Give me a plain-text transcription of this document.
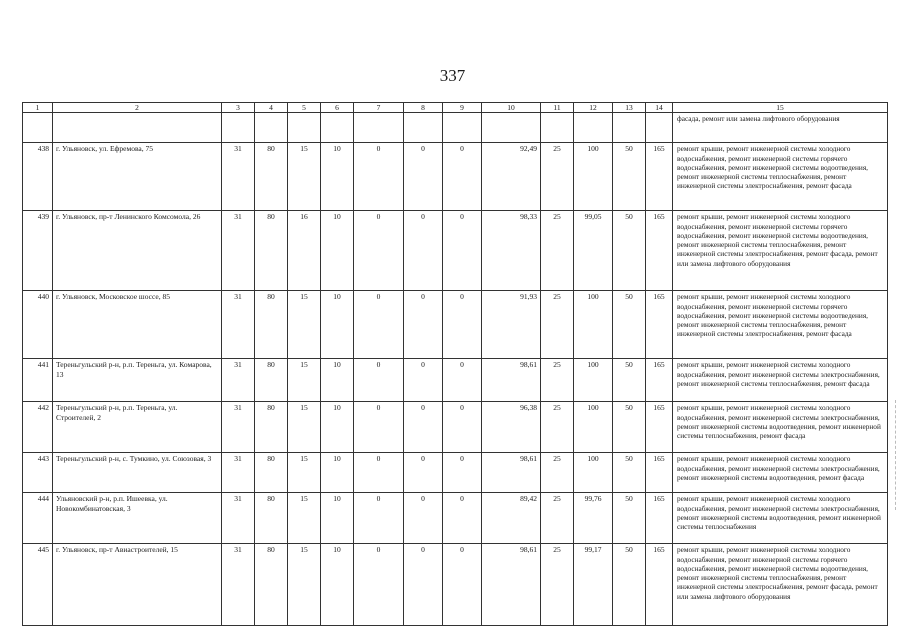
337
1	2	3	4	5	6	7	8	9	10	11	12	13	14	15
														фасада, ремонт или замена лифтового оборудования
438	г. Ульяновск, ул. Ефремова, 75	31	80	15	10	0	0	0	92,49	25	100	50	165	ремонт крыши, ремонт инженерной системы холодного водоснабжения, ремонт инженерной системы горячего водоснабжения, ремонт инженерной системы водоотведения, ремонт инженерной системы теплоснабжения, ремонт инженерной системы электроснабжения, ремонт фасада
439	г. Ульяновск, пр-т Ленинского Комсомола, 26	31	80	16	10	0	0	0	98,33	25	99,05	50	165	ремонт крыши, ремонт инженерной системы холодного водоснабжения, ремонт инженерной системы горячего водоснабжения, ремонт инженерной системы водоотведения, ремонт инженерной системы теплоснабжения, ремонт инженерной системы электроснабжения, ремонт фасада, ремонт или замена лифтового оборудования
440	г. Ульяновск, Московское шоссе, 85	31	80	15	10	0	0	0	91,93	25	100	50	165	ремонт крыши, ремонт инженерной системы холодного водоснабжения, ремонт инженерной системы горячего водоснабжения, ремонт инженерной системы водоотведения, ремонт инженерной системы теплоснабжения, ремонт инженерной системы электроснабжения, ремонт фасада
441	Тереньгульский р-н, р.п. Тереньга, ул. Комарова, 13	31	80	15	10	0	0	0	98,61	25	100	50	165	ремонт крыши, ремонт инженерной системы холодного водоснабжения, ремонт инженерной системы электроснабжения, ремонт инженерной системы теплоснабжения, ремонт фасада
442	Тереньгульский р-н, р.п. Тереньга, ул. Строителей, 2	31	80	15	10	0	0	0	96,38	25	100	50	165	ремонт крыши, ремонт инженерной системы холодного водоснабжения, ремонт инженерной системы электроснабжения, ремонт инженерной системы водоотведения, ремонт инженерной системы теплоснабжения, ремонт фасада
443	Тереньгульский р-н, с. Тумкино, ул. Союзовая, 3	31	80	15	10	0	0	0	98,61	25	100	50	165	ремонт крыши, ремонт инженерной системы холодного водоснабжения, ремонт инженерной системы электроснабжения, ремонт инженерной системы водоотведения, ремонт фасада
444	Ульяновский р-н, р.п. Ишеевка, ул. Новокомбинатовская, 3	31	80	15	10	0	0	0	89,42	25	99,76	50	165	ремонт крыши, ремонт инженерной системы холодного водоснабжения, ремонт инженерной системы электроснабжения, ремонт инженерной системы водоотведения, ремонт инженерной системы теплоснабжения
445	г. Ульяновск, пр-т Авиастроителей, 15	31	80	15	10	0	0	0	98,61	25	99,17	50	165	ремонт крыши, ремонт инженерной системы холодного водоснабжения, ремонт инженерной системы горячего водоснабжения, ремонт инженерной системы водоотведения, ремонт инженерной системы теплоснабжения, ремонт инженерной системы электроснабжения, ремонт фасада, ремонт или замена лифтового оборудования
